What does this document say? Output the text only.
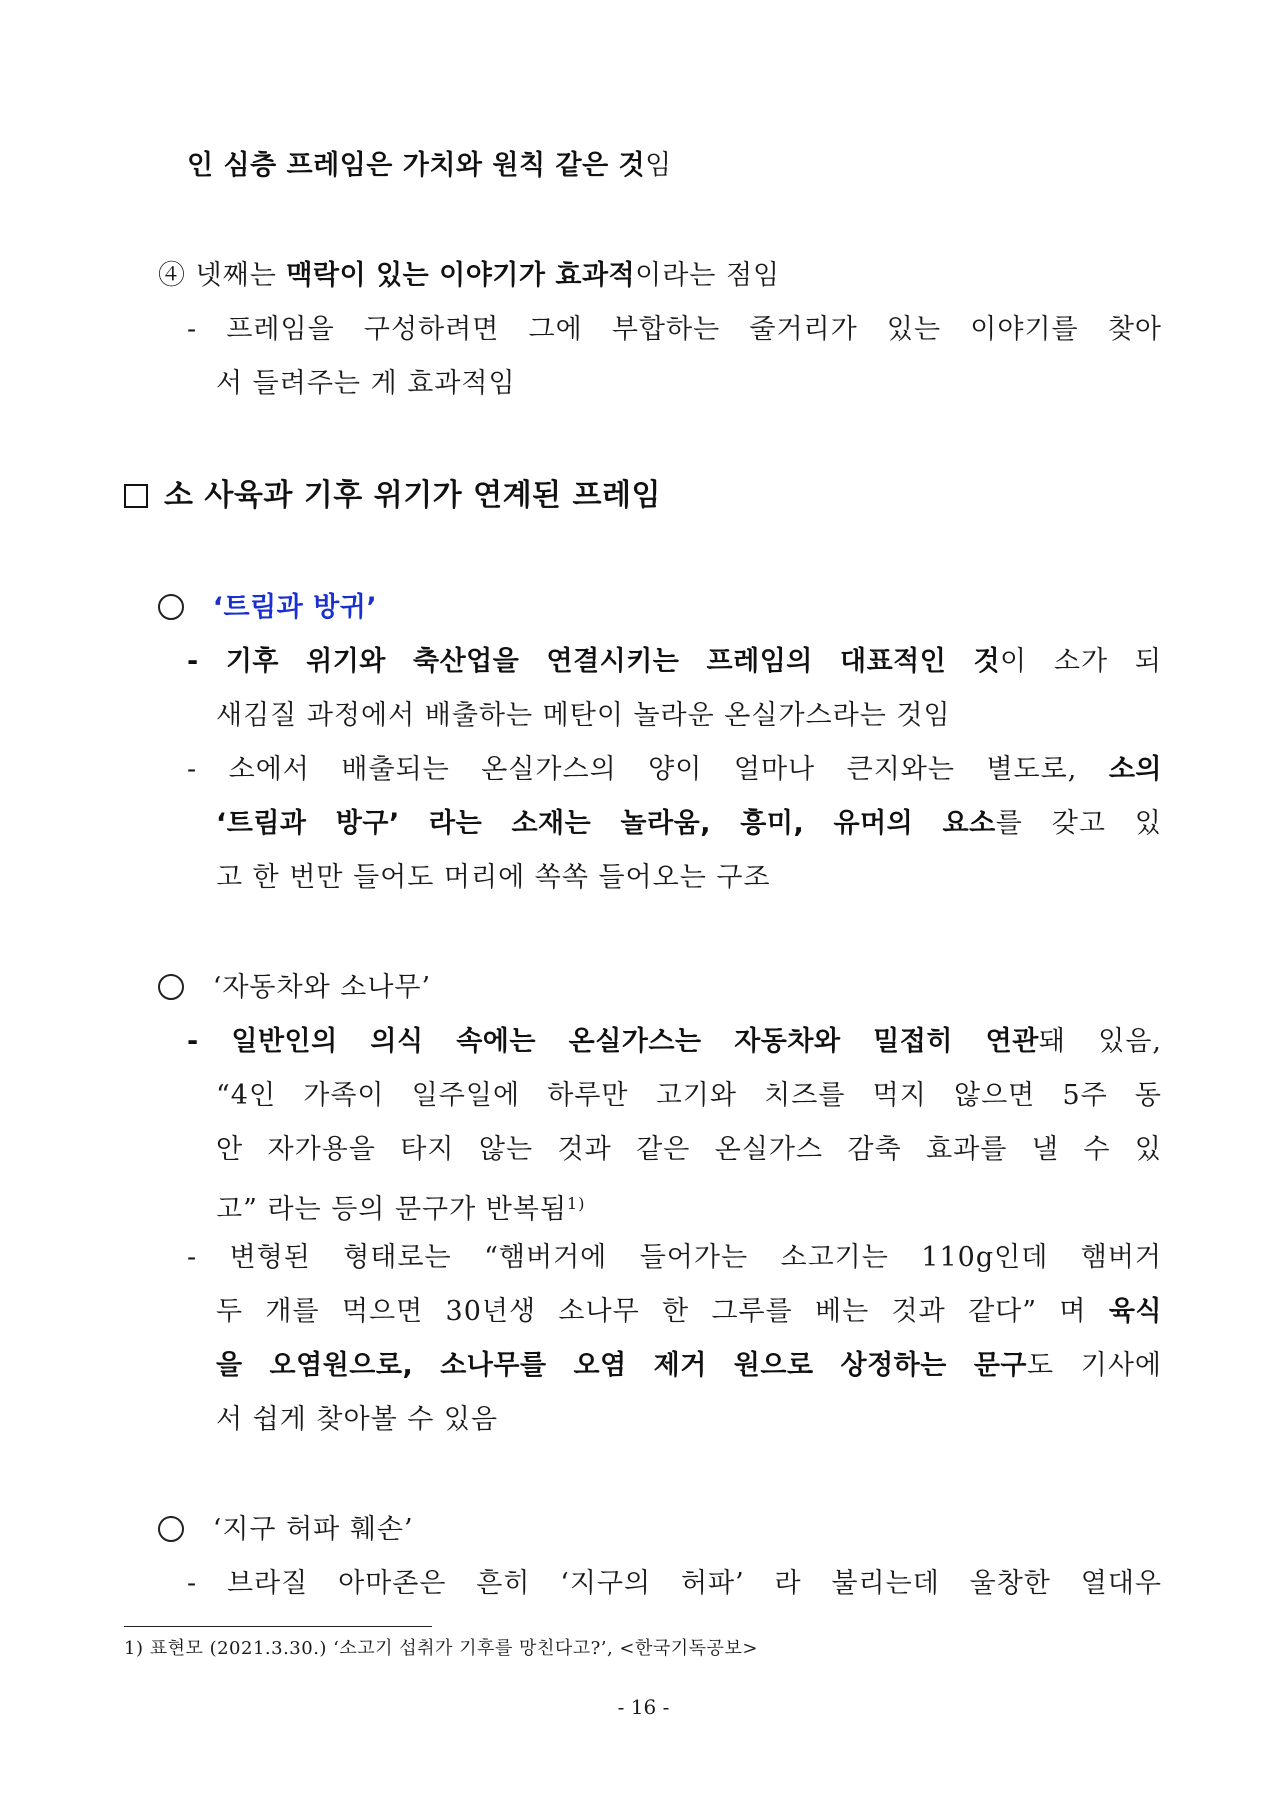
인 심층 프레임은 가치와 원칙 같은 것임
④ 넷째는 맥락이 있는 이야기가 효과적이라는 점임
- 프레임을 구성하려면 그에 부합하는 줄거리가 있는 이야기를 찾아
서 들려주는 게 효과적임
소 사육과 기후 위기가 연계된 프레임
‘트림과 방귀’
- 기후 위기와 축산업을 연결시키는 프레임의 대표적인 것이 소가 되
새김질 과정에서 배출하는 메탄이 놀라운 온실가스라는 것임
- 소에서 배출되는 온실가스의 양이 얼마나 큰지와는 별도로, 소의
‘트림과 방구’ 라는 소재는 놀라움, 흥미, 유머의 요소를 갖고 있
고 한 번만 들어도 머리에 쏙쏙 들어오는 구조
‘자동차와 소나무’
- 일반인의 의식 속에는 온실가스는 자동차와 밀접히 연관돼 있음,
“4인 가족이 일주일에 하루만 고기와 치즈를 먹지 않으면 5주 동
안 자가용을 타지 않는 것과 같은 온실가스 감축 효과를 낼 수 있
고” 라는 등의 문구가 반복됨$^{1)}$
- 변형된 형태로는 “햄버거에 들어가는 소고기는 110g인데 햄버거
두 개를 먹으면 30년생 소나무 한 그루를 베는 것과 같다” 며 육식
을 오염원으로, 소나무를 오염 제거 원으로 상정하는 문구도 기사에
서 쉽게 찾아볼 수 있음
‘지구 허파 훼손’
- 브라질 아마존은 흔히 ‘지구의 허파’ 라 불리는데 울창한 열대우
1) 표현모 (2021.3.30.) ‘소고기 섭취가 기후를 망친다고?’, <한국기독공보>
- 16 -
